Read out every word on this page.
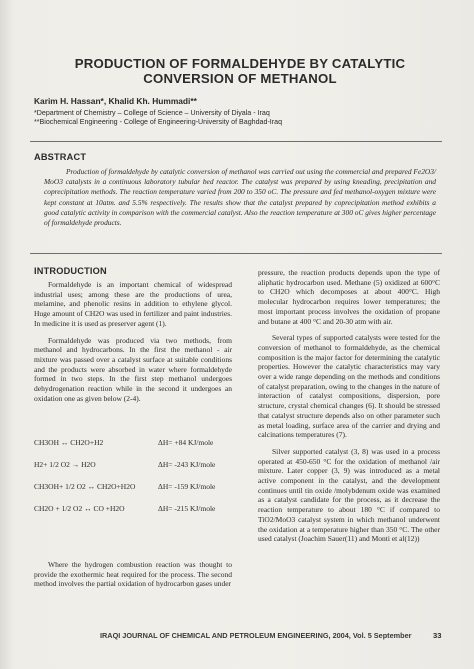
PRODUCTION OF FORMALDEHYDE BY CATALYTIC CONVERSION OF METHANOL
Karim H. Hassan*, Khalid Kh. Hummadi**
*Department of Chemistry – College of Science – University of Diyala - Iraq
**Biochemical Engineering - College of Engineering-University of Baghdad-Iraq
ABSTRACT
Production of formaldehyde by catalytic conversion of methanol was carried out using the commercial and prepared Fe2O3/ MoO3 catalysts in a continuous laboratory tubular bed reactor. The catalyst was prepared by using kneading, precipitation and coprecipitation methods. The reaction temperature varied from 200 to 350 oC. The pressure and fed methanol-oxygen mixture were kept constant at 10atm. and 5.5% respectively. The results show that the catalyst prepared by coprecipitation method exhibits a good catalytic activity in comparison with the commercial catalyst. Also the reaction temperature at 300 oC gives higher percentage of formaldehyde products.
INTRODUCTION

Formaldehyde is an important chemical of widespread industrial uses; among these are the productions of urea, melamine, and phenolic resins in addition to ethylene glycol. Huge amount of CH2O was used in fertilizer and paint industries. In medicine it is used as preserver agent (1).

Formaldehyde was produced via two methods, from methanol and hydrocarbons. In the first the methanol - air mixture was passed over a catalyst surface at suitable conditions and the products were absorbed in water where formaldehyde formed in two steps. In the first step methanol undergoes dehydrogenation reaction while in the second it undergoes an oxidation one as given below (2-4).

CH3OH ↔ CH2O+H2	ΔH= +84 KJ/mole
H2+ 1/2 O2 → H2O	ΔH= -243 KJ/mole
CH3OH+ 1/2 O2 ↔ CH2O+H2O	ΔH= -159 KJ/mole
CH2O + 1/2 O2 ↔ CO +H2O	ΔH= -215 KJ/mole

Where the hydrogen combustion reaction was thought to provide the exothermic heat required for the process. The second method involves the partial oxidation of hydrocarbon gases under

pressure, the reaction products depends upon the type of aliphatic hydrocarbon used. Methane (5) oxidized at 600°C to CH2O which decomposes at about 400°C. High molecular hydrocarbon requires lower temperatures; the most important process involves the oxidation of propane and butane at 400 °C and 20-30 atm with air.

Several types of supported catalysts were tested for the conversion of methanol to formaldehyde, as the chemical composition is the major factor for determining the catalytic properties. However the catalytic characteristics may vary over a wide range depending on the methods and conditions of catalyst preparation, owing to the changes in the nature of interaction of catalyst compositions, dispersion, pore structure, crystal chemical changes (6). It should be stressed that catalyst structure depends also on other parameter such as metal loading, surface area of the carrier and drying and calcinations temperatures (7).

Silver supported catalyst (3, 8) was used in a process operated at 450-650 °C for the oxidation of methanol /air mixture. Later copper (3, 9) was introduced as a metal active component in the catalyst, and the development continues until tin oxide /molybdenum oxide was examined as a catalyst candidate for the process, as it decrease the reaction temperature to about 180 °C if compared to TiO2/MoO3 catalyst system in which methanol underwent the oxidation at a temperature higher than 350 °C. The other used catalyst (Joachim Sauer(11) and Monti et al(12))

IRAQI JOURNAL OF CHEMICAL AND PETROLEUM ENGINEERING, 2004, Vol. 5 September	33
